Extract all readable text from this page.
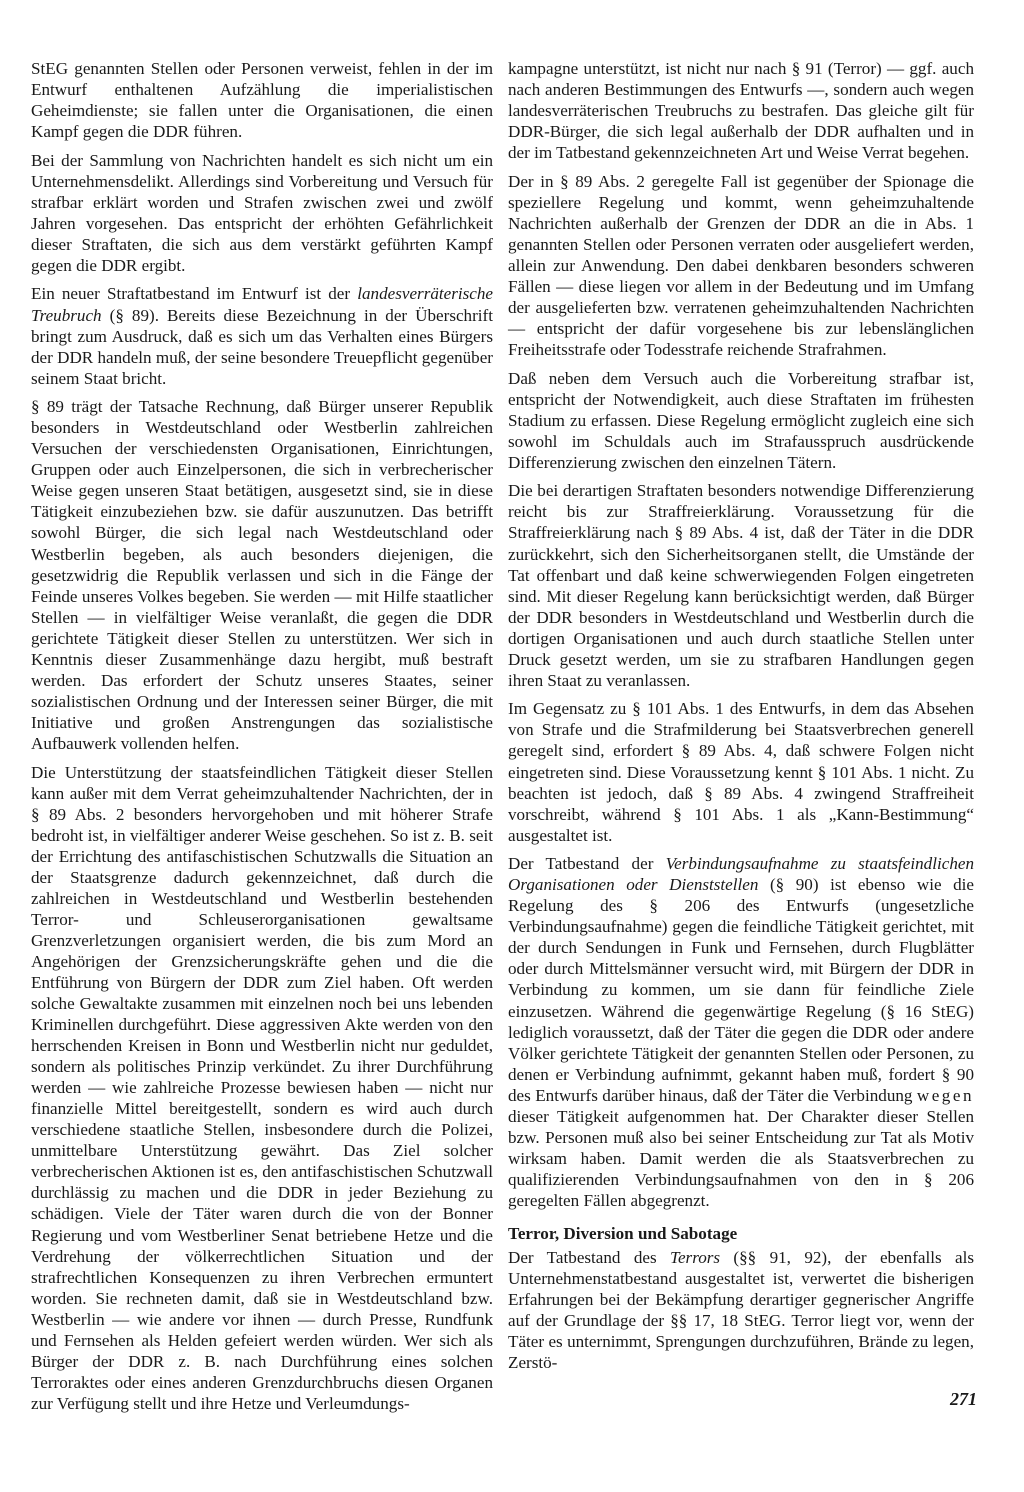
StEG genannten Stellen oder Personen verweist, fehlen in der im Entwurf enthaltenen Aufzählung die imperialistischen Geheimdienste; sie fallen unter die Organisationen, die einen Kampf gegen die DDR führen.

Bei der Sammlung von Nachrichten handelt es sich nicht um ein Unternehmensdelikt. Allerdings sind Vorbereitung und Versuch für strafbar erklärt worden und Strafen zwischen zwei und zwölf Jahren vorgesehen. Das entspricht der erhöhten Gefährlichkeit dieser Straftaten, die sich aus dem verstärkt geführten Kampf gegen die DDR ergibt.

Ein neuer Straftatbestand im Entwurf ist der landesverräterische Treubruch (§ 89). Bereits diese Bezeichnung in der Überschrift bringt zum Ausdruck, daß es sich um das Verhalten eines Bürgers der DDR handeln muß, der seine besondere Treuepflicht gegenüber seinem Staat bricht.

§ 89 trägt der Tatsache Rechnung, daß Bürger unserer Republik besonders in Westdeutschland oder Westberlin zahlreichen Versuchen der verschiedensten Organisationen, Einrichtungen, Gruppen oder auch Einzelpersonen, die sich in verbrecherischer Weise gegen unseren Staat betätigen, ausgesetzt sind, sie in diese Tätigkeit einzubeziehen bzw. sie dafür auszunutzen. Das betrifft sowohl Bürger, die sich legal nach Westdeutschland oder Westberlin begeben, als auch besonders diejenigen, die gesetzwidrig die Republik verlassen und sich in die Fänge der Feinde unseres Volkes begeben. Sie werden — mit Hilfe staatlicher Stellen — in vielfältiger Weise veranlaßt, die gegen die DDR gerichtete Tätigkeit dieser Stellen zu unterstützen. Wer sich in Kenntnis dieser Zusammenhänge dazu hergibt, muß bestraft werden. Das erfordert der Schutz unseres Staates, seiner sozialistischen Ordnung und der Interessen seiner Bürger, die mit Initiative und großen Anstrengungen das sozialistische Aufbauwerk vollenden helfen.

Die Unterstützung der staatsfeindlichen Tätigkeit dieser Stellen kann außer mit dem Verrat geheimzuhaltender Nachrichten, der in § 89 Abs. 2 besonders hervorgehoben und mit höherer Strafe bedroht ist, in vielfältiger anderer Weise geschehen. So ist z. B. seit der Errichtung des antifaschistischen Schutzwalls die Situation an der Staatsgrenze dadurch gekennzeichnet, daß durch die zahlreichen in Westdeutschland und Westberlin bestehenden Terror- und Schleuserorganisationen gewaltsame Grenzverletzungen organisiert werden, die bis zum Mord an Angehörigen der Grenzsicherungskräfte gehen und die die Entführung von Bürgern der DDR zum Ziel haben. Oft werden solche Gewaltakte zusammen mit einzelnen noch bei uns lebenden Kriminellen durchgeführt. Diese aggressiven Akte werden von den herrschenden Kreisen in Bonn und Westberlin nicht nur geduldet, sondern als politisches Prinzip verkündet. Zu ihrer Durchführung werden — wie zahlreiche Prozesse bewiesen haben — nicht nur finanzielle Mittel bereitgestellt, sondern es wird auch durch verschiedene staatliche Stellen, insbesondere durch die Polizei, unmittelbare Unterstützung gewährt. Das Ziel solcher verbrecherischen Aktionen ist es, den antifaschistischen Schutzwall durchlässig zu machen und die DDR in jeder Beziehung zu schädigen. Viele der Täter waren durch die von der Bonner Regierung und vom Westberliner Senat betriebene Hetze und die Verdrehung der völkerrechtlichen Situation und der strafrechtlichen Konsequenzen zu ihren Verbrechen ermuntert worden. Sie rechneten damit, daß sie in Westdeutschland bzw. Westberlin — wie andere vor ihnen — durch Presse, Rundfunk und Fernsehen als Helden gefeiert werden würden. Wer sich als Bürger der DDR z. B. nach Durchführung eines solchen Terroraktes oder eines anderen Grenzdurchbruchs diesen Organen zur Verfügung stellt und ihre Hetze und Verleumdungs-

kampagne unterstützt, ist nicht nur nach § 91 (Terror) — ggf. auch nach anderen Bestimmungen des Entwurfs —, sondern auch wegen landesverräterischen Treubruchs zu bestrafen. Das gleiche gilt für DDR-Bürger, die sich legal außerhalb der DDR aufhalten und in der im Tatbestand gekennzeichneten Art und Weise Verrat begehen.

Der in § 89 Abs. 2 geregelte Fall ist gegenüber der Spionage die speziellere Regelung und kommt, wenn geheimzuhaltende Nachrichten außerhalb der Grenzen der DDR an die in Abs. 1 genannten Stellen oder Personen verraten oder ausgeliefert werden, allein zur Anwendung. Den dabei denkbaren besonders schweren Fällen — diese liegen vor allem in der Bedeutung und im Umfang der ausgelieferten bzw. verratenen geheimzuhaltenden Nachrichten — entspricht der dafür vorgesehene bis zur lebenslänglichen Freiheitsstrafe oder Todesstrafe reichende Strafrahmen.

Daß neben dem Versuch auch die Vorbereitung strafbar ist, entspricht der Notwendigkeit, auch diese Straftaten im frühesten Stadium zu erfassen. Diese Regelung ermöglicht zugleich eine sich sowohl im Schuldals auch im Strafausspruch ausdrückende Differenzierung zwischen den einzelnen Tätern.

Die bei derartigen Straftaten besonders notwendige Differenzierung reicht bis zur Straffreierklärung. Voraussetzung für die Straffreierklärung nach § 89 Abs. 4 ist, daß der Täter in die DDR zurückkehrt, sich den Sicherheitsorganen stellt, die Umstände der Tat offenbart und daß keine schwerwiegenden Folgen eingetreten sind. Mit dieser Regelung kann berücksichtigt werden, daß Bürger der DDR besonders in Westdeutschland und Westberlin durch die dortigen Organisationen und auch durch staatliche Stellen unter Druck gesetzt werden, um sie zu strafbaren Handlungen gegen ihren Staat zu veranlassen.

Im Gegensatz zu § 101 Abs. 1 des Entwurfs, in dem das Absehen von Strafe und die Strafmilderung bei Staatsverbrechen generell geregelt sind, erfordert § 89 Abs. 4, daß schwere Folgen nicht eingetreten sind. Diese Voraussetzung kennt § 101 Abs. 1 nicht. Zu beachten ist jedoch, daß § 89 Abs. 4 zwingend Straffreiheit vorschreibt, während § 101 Abs. 1 als „Kann-Bestimmung“ ausgestaltet ist.

Der Tatbestand der Verbindungsaufnahme zu staatsfeindlichen Organisationen oder Dienststellen (§ 90) ist ebenso wie die Regelung des § 206 des Entwurfs (ungesetzliche Verbindungsaufnahme) gegen die feindliche Tätigkeit gerichtet, mit der durch Sendungen in Funk und Fernsehen, durch Flugblätter oder durch Mittelsmänner versucht wird, mit Bürgern der DDR in Verbindung zu kommen, um sie dann für feindliche Ziele einzusetzen. Während die gegenwärtige Regelung (§ 16 StEG) lediglich voraussetzt, daß der Täter die gegen die DDR oder andere Völker gerichtete Tätigkeit der genannten Stellen oder Personen, zu denen er Verbindung aufnimmt, gekannt haben muß, fordert § 90 des Entwurfs darüber hinaus, daß der Täter die Verbindung wegen dieser Tätigkeit aufgenommen hat. Der Charakter dieser Stellen bzw. Personen muß also bei seiner Entscheidung zur Tat als Motiv wirksam haben. Damit werden die als Staatsverbrechen zu qualifizierenden Verbindungsaufnahmen von den in § 206 geregelten Fällen abgegrenzt.

Terror, Diversion und Sabotage

Der Tatbestand des Terrors (§§ 91, 92), der ebenfalls als Unternehmenstatbestand ausgestaltet ist, verwertet die bisherigen Erfahrungen bei der Bekämpfung derartiger gegnerischer Angriffe auf der Grundlage der §§ 17, 18 StEG. Terror liegt vor, wenn der Täter es unternimmt, Sprengungen durchzuführen, Brände zu legen, Zerstö-

271
